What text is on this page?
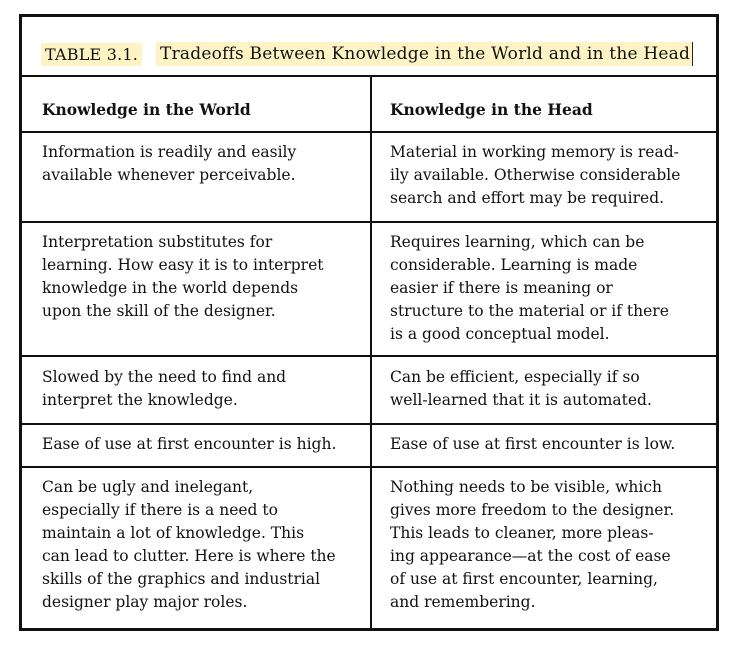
TABLE 3.1. Tradeoffs Between Knowledge in the World and in the Head
Knowledge in the World	Knowledge in the Head
Information is readily and easily
available whenever perceivable.
Material in working memory is read-
ily available. Otherwise considerable
search and effort may be required.
Interpretation substitutes for
learning. How easy it is to interpret
knowledge in the world depends
upon the skill of the designer.
Requires learning, which can be
considerable. Learning is made
easier if there is meaning or
structure to the material or if there
is a good conceptual model.
Slowed by the need to find and
interpret the knowledge.
Can be efficient, especially if so
well-learned that it is automated.
Ease of use at first encounter is high.	Ease of use at first encounter is low.
Can be ugly and inelegant,
especially if there is a need to
maintain a lot of knowledge. This
can lead to clutter. Here is where the
skills of the graphics and industrial
designer play major roles.
Nothing needs to be visible, which
gives more freedom to the designer.
This leads to cleaner, more pleas-
ing appearance—at the cost of ease
of use at first encounter, learning,
and remembering.
